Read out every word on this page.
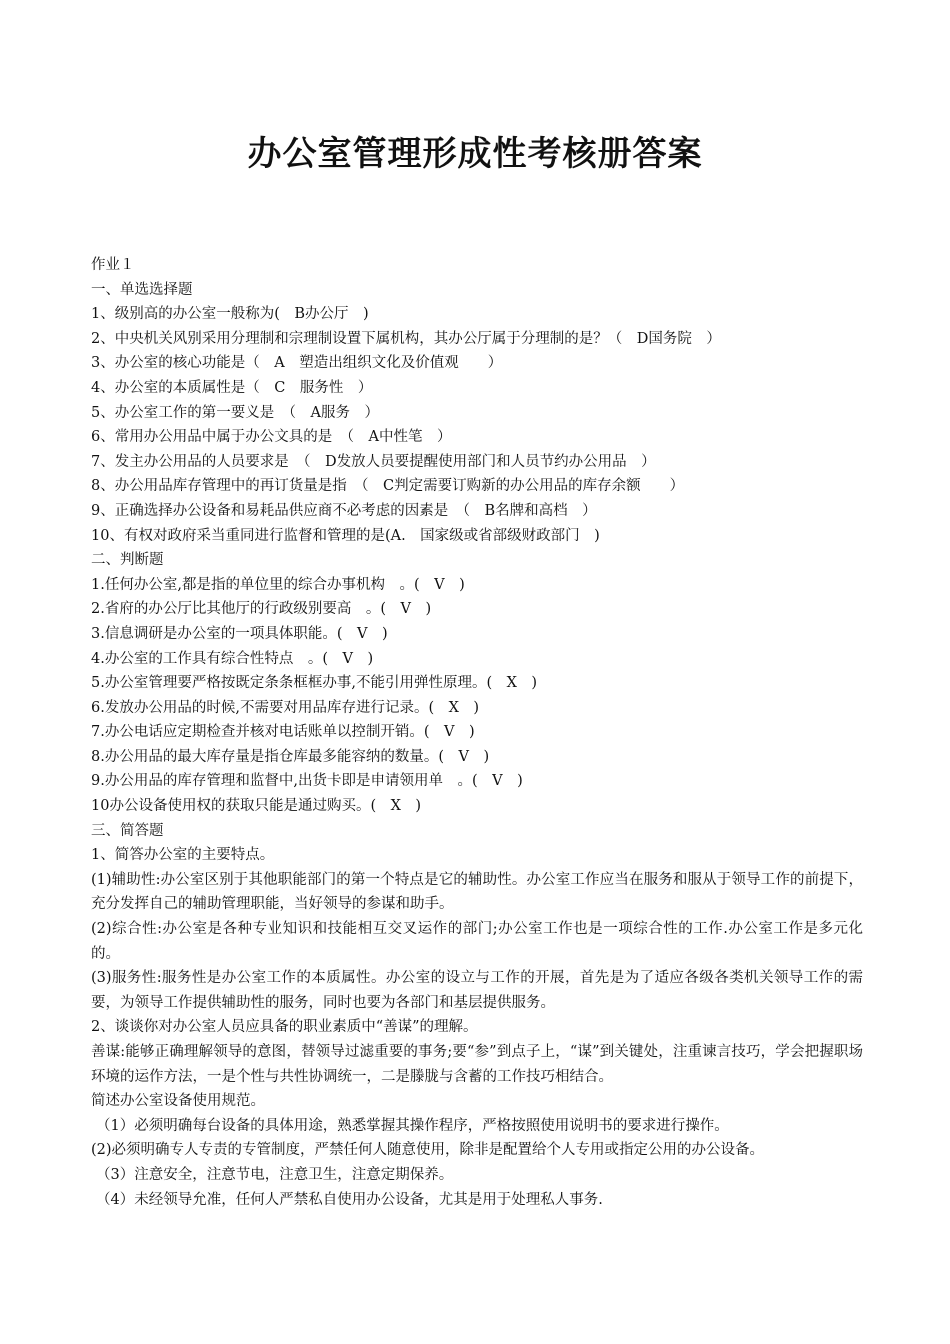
办公室管理形成性考核册答案
作业１
一、单选选择题
1、级别高的办公室一般称为(　B办公厅　)
2、中央机关风别采用分理制和宗理制设置下属机构，其办公厅属于分理制的是？（　D国务院　）
3、办公室的核心功能是（　A　塑造出组织文化及价值观　　）
4、办公室的本质属性是（　C　服务性　）
5、办公室工作的第一要义是　（　A服务　）
6、常用办公用品中属于办公文具的是　（　A中性笔　）
7、发主办公用品的人员要求是　（　D发放人员要提醒使用部门和人员节约办公用品　）
8、办公用品库存管理中的再订货量是指　（　C判定需要订购新的办公用品的库存余额　　）
9、正确选择办公设备和易耗品供应商不必考虑的因素是　（　B名牌和高档　）
10、有权对政府采当重同进行监督和管理的是(A.　国家级或省部级财政部门　)
二、判断题
1.任何办公室,都是指的单位里的综合办事机构　。(　V　)
2.省府的办公厅比其他厅的行政级别要高　。(　V　)
3.信息调研是办公室的一项具体职能。(　V　)
4.办公室的工作具有综合性特点　。(　V　)
5.办公室管理要严格按既定条条框框办事,不能引用弹性原理。(　X　)
6.发放办公用品的时候,不需要对用品库存进行记录。(　X　)
7.办公电话应定期检查并核对电话账单以控制开销。(　V　)
8.办公用品的最大库存量是指仓库最多能容纳的数量。(　V　)
9.办公用品的库存管理和监督中,出货卡即是申请领用单　。(　V　)
10办公设备使用权的获取只能是通过购买。(　X　)
三、简答题
1、简答办公室的主要特点。
(1)辅助性:办公室区别于其他职能部门的第一个特点是它的辅助性。办公室工作应当在服务和服从于领导工作的前提下，充分发挥自己的辅助管理职能，当好领导的参谋和助手。
(2)综合性:办公室是各种专业知识和技能相互交叉运作的部门;办公室工作也是一项综合性的工作.办公室工作是多元化的。
(3)服务性:服务性是办公室工作的本质属性。办公室的设立与工作的开展，首先是为了适应各级各类机关领导工作的需要，为领导工作提供辅助性的服务，同时也要为各部门和基层提供服务。
2、谈谈你对办公室人员应具备的职业素质中“善谋”的理解。
善谋:能够正确理解领导的意图，替领导过滤重要的事务;要“参”到点子上，“谋”到关键处，注重谏言技巧，学会把握职场环境的运作方法，一是个性与共性协调统一，二是滕胧与含蓄的工作技巧相结合。
简述办公室设备使用规范。
（1）必须明确每台设备的具体用途，熟悉掌握其操作程序，严格按照使用说明书的要求进行操作。
(2)必须明确专人专责的专管制度，严禁任何人随意使用，除非是配置给个人专用或指定公用的办公设备。
（3）注意安全，注意节电，注意卫生，注意定期保养。
（4）未经领导允准，任何人严禁私自使用办公设备，尤其是用于处理私人事务.
